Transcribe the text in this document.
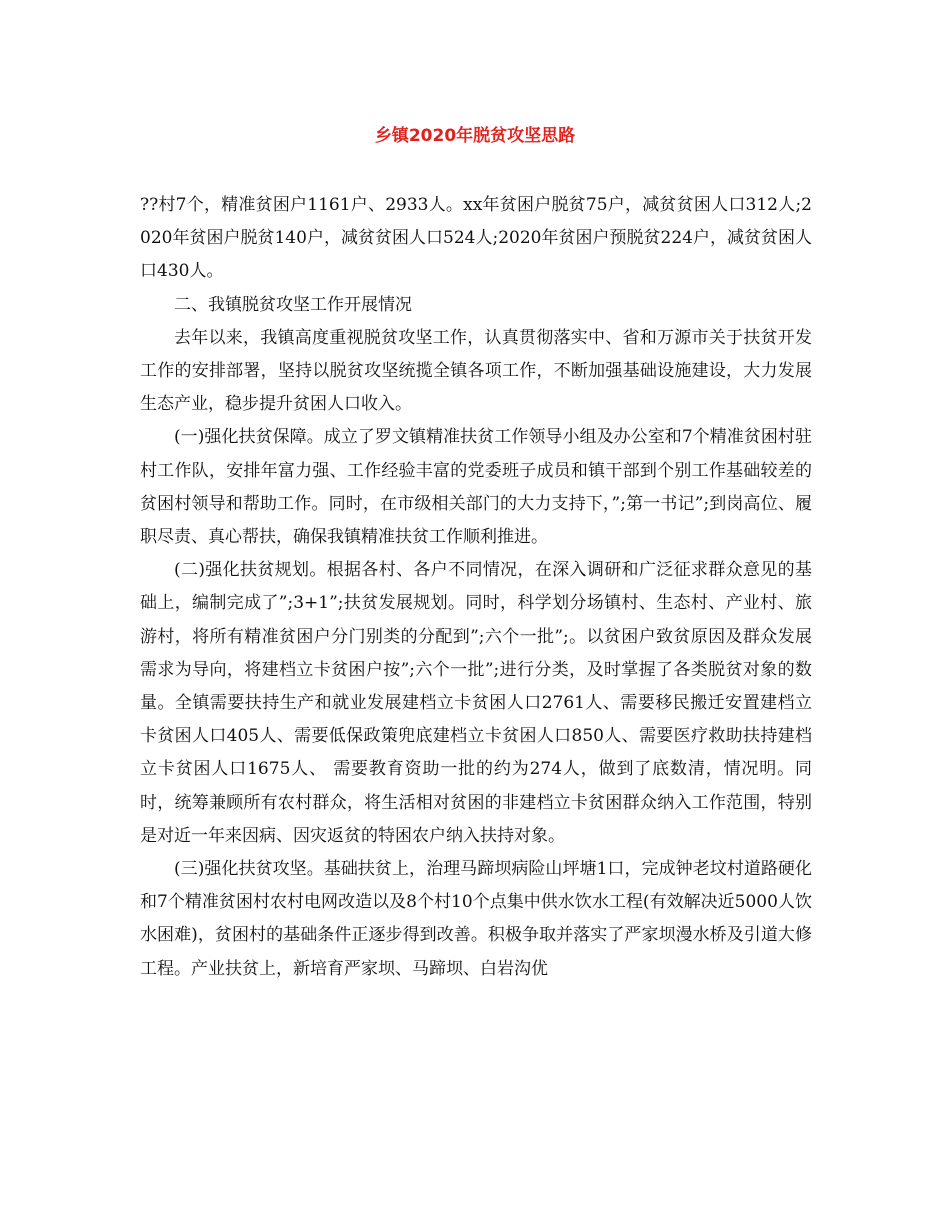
乡镇2020年脱贫攻坚思路

??村7个，精准贫困户1161户、2933人。xx年贫困户脱贫75户，减贫贫困人口312人;2020年贫困户脱贫140户，减贫贫困人口524人;2020年贫困户预脱贫224户，减贫贫困人口430人。

二、我镇脱贫攻坚工作开展情况

去年以来，我镇高度重视脱贫攻坚工作，认真贯彻落实中、省和万源市关于扶贫开发工作的安排部署，坚持以脱贫攻坚统揽全镇各项工作，不断加强基础设施建设，大力发展生态产业，稳步提升贫困人口收入。

(一)强化扶贫保障。成立了罗文镇精准扶贫工作领导小组及办公室和7个精准贫困村驻村工作队，安排年富力强、工作经验丰富的党委班子成员和镇干部到个别工作基础较差的贫困村领导和帮助工作。同时，在市级相关部门的大力支持下，”;第一书记”;到岗高位、履职尽责、真心帮扶，确保我镇精准扶贫工作顺利推进。

(二)强化扶贫规划。根据各村、各户不同情况，在深入调研和广泛征求群众意见的基础上，编制完成了”;3+1”;扶贫发展规划。同时，科学划分场镇村、生态村、产业村、旅游村，将所有精准贫困户分门别类的分配到”;六个一批”;。以贫困户致贫原因及群众发展需求为导向，将建档立卡贫困户按”;六个一批”;进行分类，及时掌握了各类脱贫对象的数量。全镇需要扶持生产和就业发展建档立卡贫困人口2761人、需要移民搬迁安置建档立卡贫困人口405人、需要低保政策兜底建档立卡贫困人口850人、需要医疗救助扶持建档立卡贫困人口1675人、 需要教育资助一批的约为274人，做到了底数清，情况明。同时，统筹兼顾所有农村群众，将生活相对贫困的非建档立卡贫困群众纳入工作范围，特别是对近一年来因病、因灾返贫的特困农户纳入扶持对象。

(三)强化扶贫攻坚。基础扶贫上，治理马蹄坝病险山坪塘1口，完成钟老坟村道路硬化和7个精准贫困村农村电网改造以及8个村10个点集中供水饮水工程(有效解决近5000人饮水困难)，贫困村的基础条件正逐步得到改善。积极争取并落实了严家坝漫水桥及引道大修工程。产业扶贫上，新培育严家坝、马蹄坝、白岩沟优
